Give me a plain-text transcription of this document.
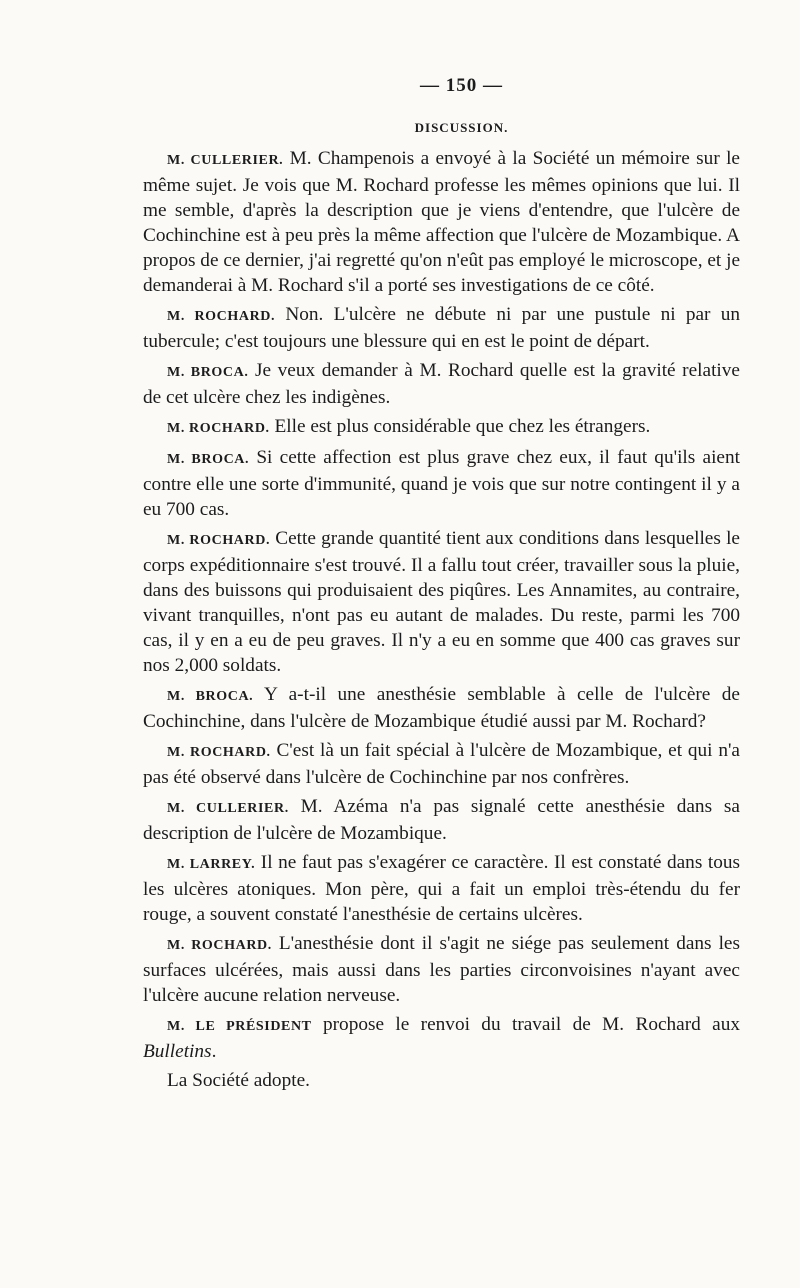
— 150 —
DISCUSSION.

M. CULLERIER. M. Champenois a envoyé à la Société un mémoire sur le même sujet. Je vois que M. Rochard professe les mêmes opinions que lui. Il me semble, d'après la description que je viens d'entendre, que l'ulcère de Cochinchine est à peu près la même affection que l'ulcère de Mozambique. A propos de ce dernier, j'ai regretté qu'on n'eût pas employé le microscope, et je demanderai à M. Rochard s'il a porté ses investigations de ce côté.

M. ROCHARD. Non. L'ulcère ne débute ni par une pustule ni par un tubercule; c'est toujours une blessure qui en est le point de départ.

M. BROCA. Je veux demander à M. Rochard quelle est la gravité relative de cet ulcère chez les indigènes.

M. ROCHARD. Elle est plus considérable que chez les étrangers.

M. BROCA. Si cette affection est plus grave chez eux, il faut qu'ils aient contre elle une sorte d'immunité, quand je vois que sur notre contingent il y a eu 700 cas.

M. ROCHARD. Cette grande quantité tient aux conditions dans lesquelles le corps expéditionnaire s'est trouvé. Il a fallu tout créer, travailler sous la pluie, dans des buissons qui produisaient des piqûres. Les Annamites, au contraire, vivant tranquilles, n'ont pas eu autant de malades. Du reste, parmi les 700 cas, il y en a eu de peu graves. Il n'y a eu en somme que 400 cas graves sur nos 2,000 soldats.

M. BROCA. Y a-t-il une anesthésie semblable à celle de l'ulcère de Cochinchine, dans l'ulcère de Mozambique étudié aussi par M. Rochard?

M. ROCHARD. C'est là un fait spécial à l'ulcère de Mozambique, et qui n'a pas été observé dans l'ulcère de Cochinchine par nos confrères.

M. CULLERIER. M. Azéma n'a pas signalé cette anesthésie dans sa description de l'ulcère de Mozambique.

M. LARREY. Il ne faut pas s'exagérer ce caractère. Il est constaté dans tous les ulcères atoniques. Mon père, qui a fait un emploi très-étendu du fer rouge, a souvent constaté l'anesthésie de certains ulcères.

M. ROCHARD. L'anesthésie dont il s'agit ne siége pas seulement dans les surfaces ulcérées, mais aussi dans les parties circonvoisines n'ayant avec l'ulcère aucune relation nerveuse.

M. LE PRÉSIDENT propose le renvoi du travail de M. Rochard aux Bulletins.

La Société adopte.
